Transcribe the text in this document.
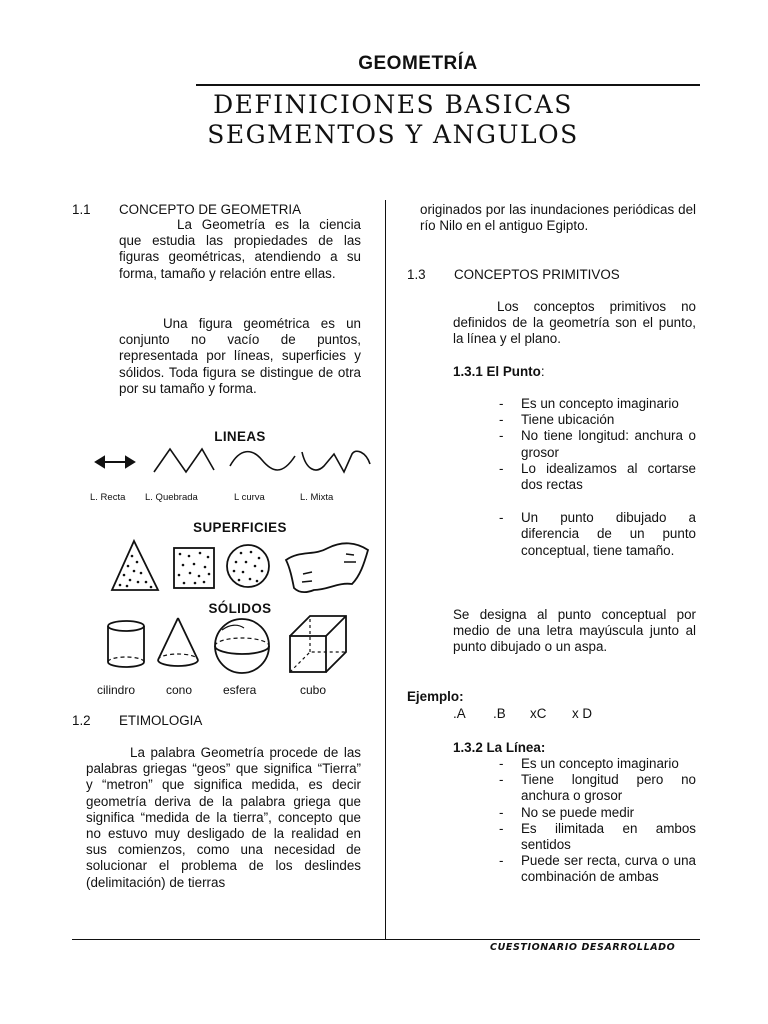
GEOMETRÍA
DEFINICIONES BASICAS
SEGMENTOS Y ANGULOS
1.1 CONCEPTO DE GEOMETRIA
La Geometría es la ciencia que estudia las propiedades de las figuras geométricas, atendiendo a su forma, tamaño y relación entre ellas.
Una figura geométrica es un conjunto no vacío de puntos, representada por líneas, superficies y sólidos. Toda figura se distingue de otra por su tamaño y forma.
LINEAS
L. Recta L. Quebrada	L curva	L. Mixta
SUPERFICIES
SÓLIDOS
cilindro	cono	esfera	cubo
1.2 ETIMOLOGIA
La palabra Geometría procede de las palabras griegas “geos” que significa “Tierra” y “metron” que significa medida, es decir geometría deriva de la palabra griega que significa “medida de la tierra”, concepto que no estuvo muy desligado de la realidad en sus comienzos, como una necesidad de solucionar el problema de los deslindes (delimitación) de tierras
originados por las inundaciones periódicas del río Nilo en el antiguo Egipto.
1.3 CONCEPTOS PRIMITIVOS
Los conceptos primitivos no definidos de la geometría son el punto, la línea y el plano.
1.3.1 El Punto:
- Es un concepto imaginario
- Tiene ubicación
- No tiene longitud: anchura o grosor
- Lo idealizamos al cortarse dos rectas
- Un punto dibujado a diferencia de un punto conceptual, tiene tamaño.
Se designa al punto conceptual por medio de una letra mayúscula junto al punto dibujado o un aspa.
Ejemplo:
.A .B xC x D
1.3.2 La Línea:
- Es un concepto imaginario
- Tiene longitud pero no anchura o grosor
- No se puede medir
- Es ilimitada en ambos sentidos
- Puede ser recta, curva o una combinación de ambas
CUESTIONARIO DESARROLLADO
